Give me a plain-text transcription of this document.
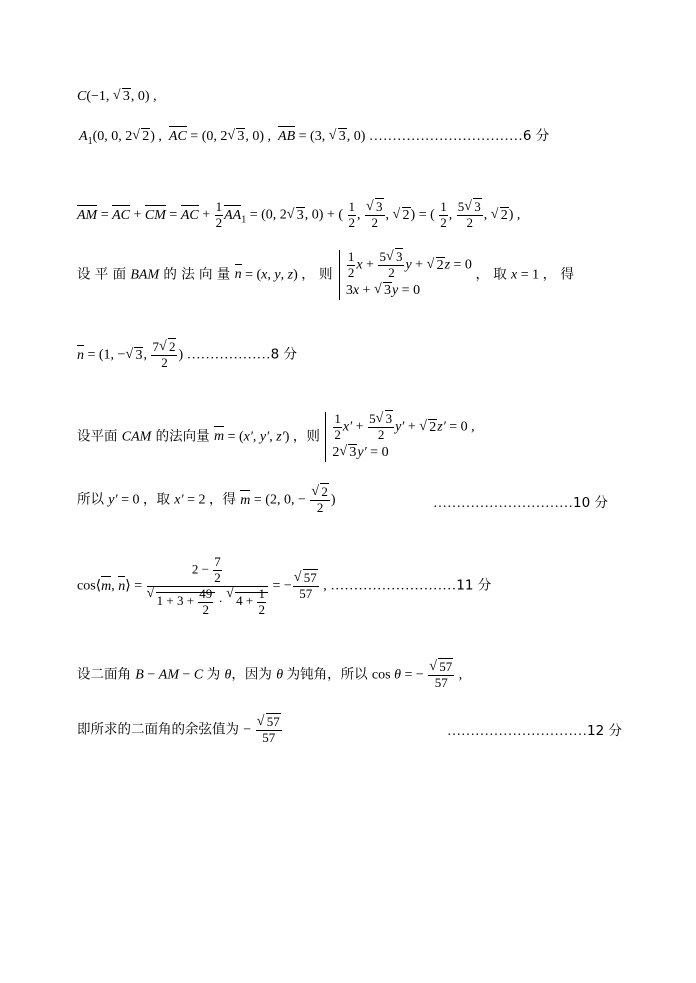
C(−1, √ 3, 0) ,
$A_1(0$, 0, 2 √ 2) ,  AC = (0, 2 √ 3, 0) ,  AB = (3, √ 3, 0) ……………………………6 分
AM = AC + CM = AC + $\frac{1}{2} AA_1 = (0$, 2 √ 3, 0) + ( $\frac{1}{2}$ , √ $\frac{3}{2}$ , √ 2) = ( $\frac{1}{2}$ , $\frac{5 √ 3}{2}$ , √ 2) ,
设 平 面 BAM 的 法 向 量 n = (x, y, z) ， 则 $\frac{1}{2}$ $x + \frac{5 √ 3}{2}$ y + √ 2z = 0
3x + √ 3y = 0
， 取 x = 1 ， 得
n = (1, − √ 3, $\frac{7 √ 2}{2}$ ) ………………8 分
设平面 CAM 的法向量 m = (x′, y′, z′) ，则 $\frac{1}{2} x' + \frac{5 √ 3}{2} y'$ + √ 2z′ = 0 ,
2 √ 3y′ = 0
所以 y′ = 0 ，取 x′ = 2 ，得 m = (2, 0, − √ $\frac{2}{2}$ )	…………………………10 分
cos⟨m, n⟩ = $2 - \frac{7}{2}$
√ $1 + 3 + \frac{49}{2}$ · √ $4 + \frac{1}{2}$ = − √ $\frac{57}{57}$ , ………………………11 分
设二面角 B − AM − C 为 θ，因为 θ 为钝角，所以 cos θ = − √ $\frac{57}{57}$ ,
即所求的二面角的余弦值为 − √ $\frac{57}{57}$	…………………………12 分
